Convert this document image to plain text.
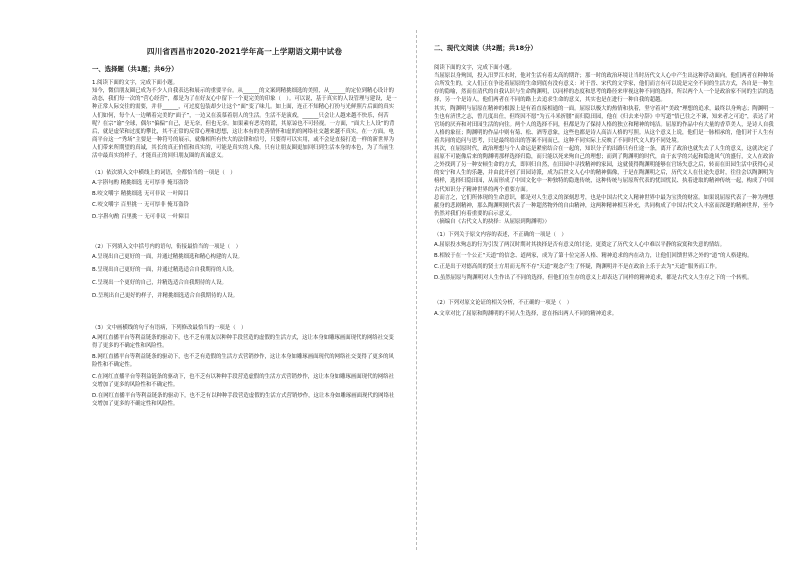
四川省西昌市2020-2021学年高一上学期语文期中试卷
一、选择题（共1题；共6分）

1.阅读下面的文字，完成下面小题。

知今，微信朋友圈已成为不少人自我表达和展示的重要平台。从______的文案到精挑细选的美照，从______的定位到精心设计的动态，我们每一次的“营心经营”，都是为了在好友心中留下一个更完美的印象（　）。可以说，基于真实的人设管理与建设，是一种正常人际交往的需要，并非______，可过度包装却少让这个“面”变了味儿。如上面，连正不知精心打扮与光鲜照片后面的真实人们如何，每个人一边晒着完美的“面子”，一边又在羡慕着别人的生活。生活不是演戏，______只会让人越来越不快乐，何苦呢？在宗“谕”全球，偶尔“偏偏”自己，是无奈，但也无奈。如果素有恶劣的谎，其原谅也不可轻视。一方面，“面大上人设”的背后，就是虚荣和过度的攀比，其不正常的反常心理和思想，这让本有的美善情怀和虚的的网络社交越来越不真实，在一方面，电商平台这一“秀场”主要是一种符号的展示，就像相所有快大的法律和信号，只要得可以实用，或不会是直接打造一样的新世界为人们带来所期望的真诚，其长的真正价值和真实的，可能是真实的人像。只有让朋友圈更加回归到生活本身的本色，为了当前生活中最真实的样子，才能真正的回归朋友圈的真诚意义。

（1）依次填入文中横线上的词语，全都恰当的一项是（　）

A.字斟句酌 精挑细选 无可厚非 掩耳盗铃

B.咬文嚼字 精挑细选 无可非议 一叶障目

C.咬文嚼字 百里挑一 无可厚非 掩耳盗铃

D.字斟句酌 百里挑一 无可非议 一叶障目

（2）下列填入文中括号内的语句，衔接最恰当的一项是（　）

A.呈现出自己更好的一面，并通过精挑细选和精心构建的人设。

B.呈现出自己更好的一面，并通过精选适合自我期待的人设。

C.呈现出一个更好的自己，并精选适合自我期待的人设。

D.呈现出自己更好的样子，并精挑细选适合自我期待的人设。

（3）文中画横线的句子有语病，下列修改最恰当的一项是（　）

A.网红直播平台等利益链条的驱动下，也不乏有朋友以种种手段营造的虚假的生活方式，这让本身如雕琢画面现代的网络社交变得了更多的不确定性和风险性。

B.网红直播平台等利益链条的驱动下，也不乏有造假的生活方式营销炒作，这让本身如雕琢画面现代的网络社交变得了更多的风险性和不确定性。

C.在网红直播平台等利益链条的驱动下，也不乏有以种种手段营造虚假的生活方式营销炒作，这让本身如雕琢画面现代的网络社交增加了更多的风险性和不确定性。

D.在网红直播平台等利益链条的驱动下，也不乏有以种种手段营造虚假的生活方式营销炒作，这让本身如雕琢画面现代的网络社交增加了更多的不确定性和风险性。

二、现代文阅读（共2题；共18分）

阅读下面的文字，完成下面小题。

当屈原以身殉国，投入汨罗江水时，他对生活有着太高的期许；那一时的政治环境让当时历代文人心中产生出这种浮动面向，他们两者在种种场合所发生的，文人们正在争论着屈原的生命到底有没有意义：对于晋、宋代的文学家，他们而言有可以说是完全不同的生活方式，各自是一种生存的隐喻，然而在清代的自我认识与生命陶渊明，以同样的态度和思考的路径来审视这种不同的选择，所以两个人一个是政治家不同的生活的选择，另一个是诗人，他们两者在不同的路上去追求生命的意义，其实也是在进行一种自我的超越。

其实，陶渊明与屈原在精神的根源上是有着直接相通的一面。屈原以极大的热情和执着，坚守着对“美政”理想的追求，最终以身殉志；陶渊明一生也有济世之志，曾几度出仕，但终因不愿“为五斗米折腰”而归隐田园，他在《归去来兮辞》中写道“悟已往之不谏，知来者之可追”，表达了对官场的厌弃和对田园生活的向往。两个人的选择不同，但都是为了保持人格的独立和精神的纯洁。屈原的作品中有大量的香草美人，是诗人自我人格的象征；陶渊明的作品中则有菊、松、酒等意象，这些也都是诗人高洁人格的写照。从这个意义上说，他们是一脉相承的，他们对于人生有着共同的追问与思考，只是最终给出的答案不同而已，这种不同实际上反映了不同时代文人的不同处境。

其次，在屈原时代，政治理想与个人命运是紧密结合在一起的，知识分子的出路只有仕途一条，离开了政治也就失去了人生的意义，这就决定了屈原不可能像后来的陶渊明那样选择归隐，而只能以死来殉自己的理想；而到了陶渊明的时代，由于玄学的兴起和隐逸风气的盛行，文人在政治之外找到了另一种安顿生命的方式，即回归自然，在田园中寻找精神的家园，这就使得陶渊明能够在官场失意之后，转而在田园生活中获得心灵的安宁和人生的乐趣，并由此开创了田园诗派，成为后世文人心中的精神偶像，于是在陶渊明之后，历代文人在仕途失意时，往往会以陶渊明为榜样，选择归隐田园，从而形成了中国文化中一种独特的隐逸传统，这种传统与屈原所代表的忧国忧民、执着进取的精神传统一起，构成了中国古代知识分子精神世界的两个重要方面。

总而言之，它们所体现的生命意识，都是对人生意义的深刻思考，也是中国古代文人精神世界中最为宝贵的财富。如果说屈原代表了一种为理想献身的悲剧精神，那么陶渊明则代表了一种超然物外的自由精神，这两种精神相互补充，共同构成了中国古代文人丰富而深邃的精神世界，至今仍然对我们有着重要的启示意义。

（摘编自《古代文人的抉择：从屈原到陶渊明》）

（1）下列关于原文内容的表述，不正确的一项是（　）

A.屈原投水殉志的行为引发了两汉时期对其抉择是否有意义的讨论，更奠定了历代文人心中难以平静的寂寞和失意的情结。

B.相较于在一个公正“天道”的信念、道两家，成为了第十位完善人格、精神追求的内在动力，让他们回馈世界之外的“道”的人格建构。

C.正是出于对德高尚的贤士方用而无所不存“天道”观念产生了怀疑，陶渊明并不是在政治上乐于去为“天道”服务而工作。

D.虽然屈原与陶渊明对人生作出了不同的选择，但他们在生存的意义上却表达了同样的精神追求，都是古代文人生存之下的一个转机。

（2）下列对原文论证的相关分析，不正确的一项是（　）

A.文章对比了屈原和陶渊明的不同人生选择，意在指出两人不同的精神追求。
